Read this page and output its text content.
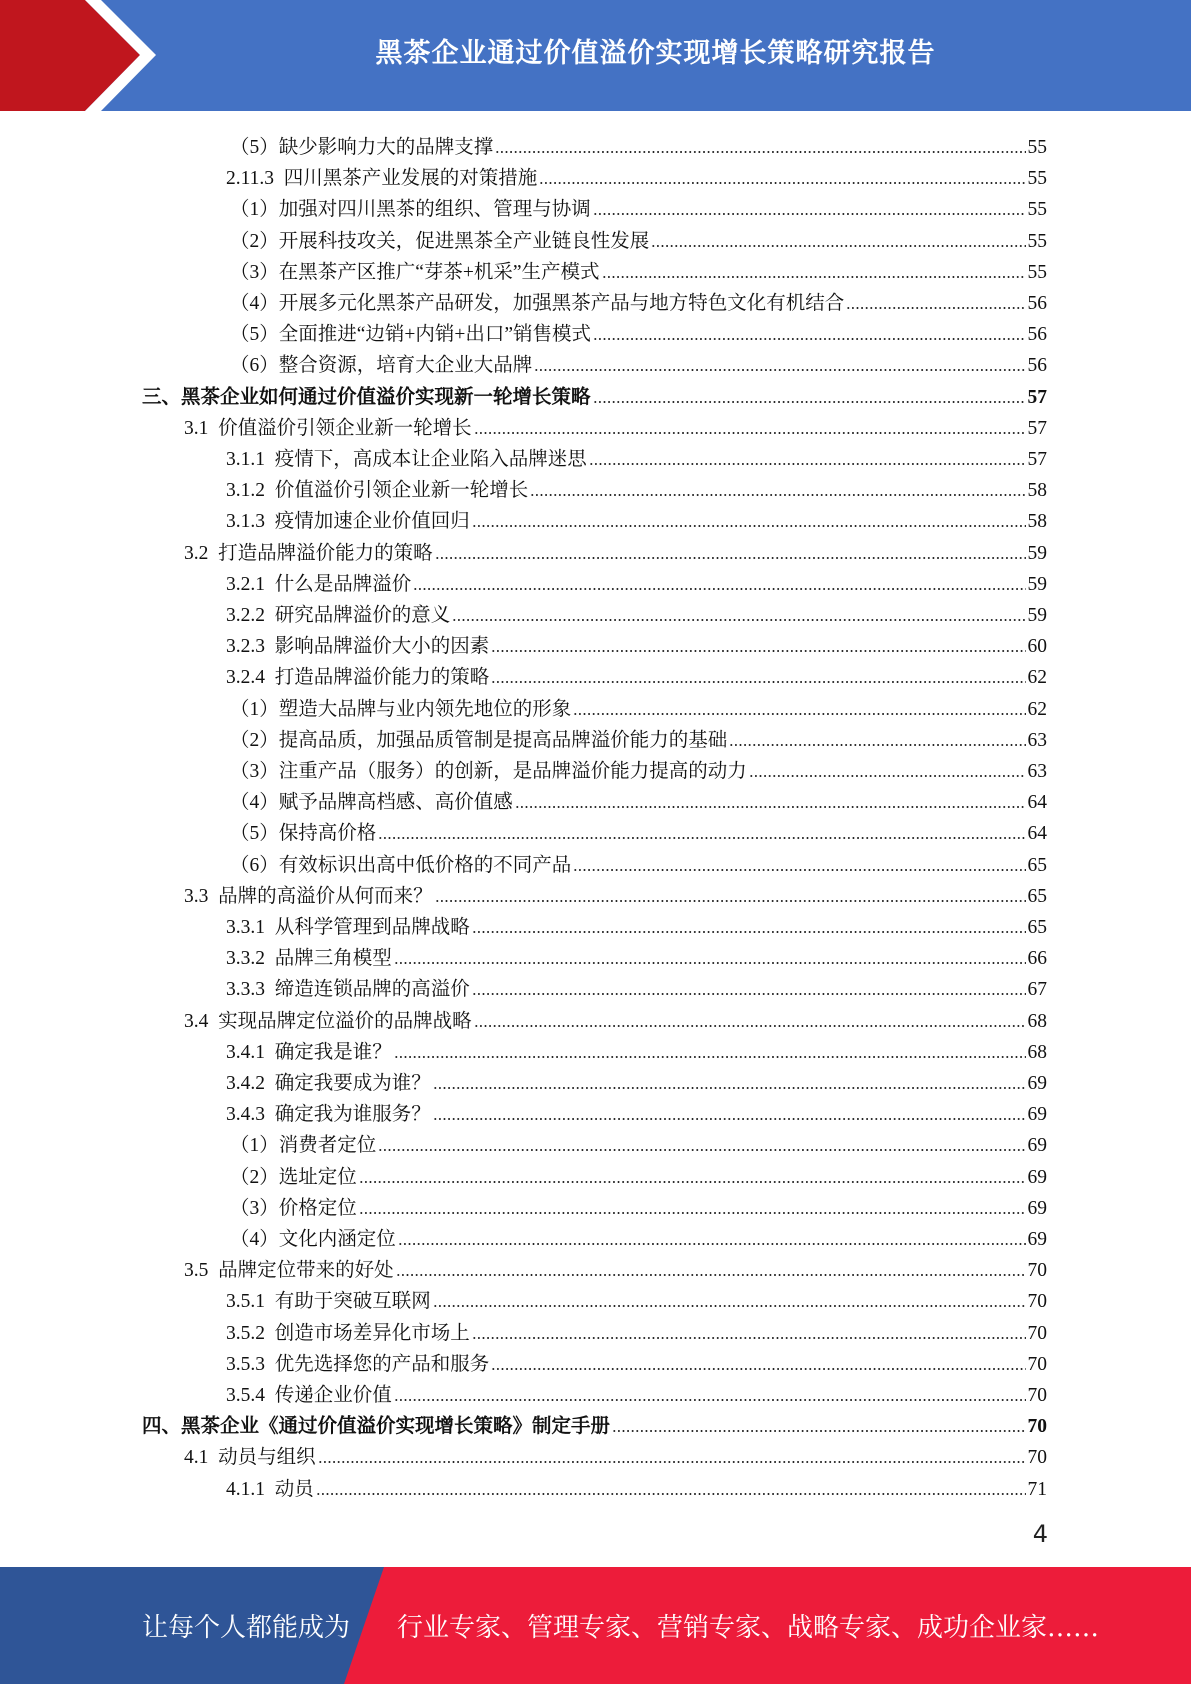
黑茶企业通过价值溢价实现增长策略研究报告
（5）缺少影响力大的品牌支撑	55
2.11.3  四川黑茶产业发展的对策措施	55
（1）加强对四川黑茶的组织、管理与协调	55
（2）开展科技攻关，促进黑茶全产业链良性发展	55
（3）在黑茶产区推广“芽茶+机采”生产模式	55
（4）开展多元化黑茶产品研发，加强黑茶产品与地方特色文化有机结合	56
（5）全面推进“边销+内销+出口”销售模式	56
（6）整合资源，培育大企业大品牌	56
三、黑茶企业如何通过价值溢价实现新一轮增长策略	57
3.1  价值溢价引领企业新一轮增长	57
3.1.1  疫情下，高成本让企业陷入品牌迷思	57
3.1.2  价值溢价引领企业新一轮增长	58
3.1.3  疫情加速企业价值回归	58
3.2  打造品牌溢价能力的策略	59
3.2.1  什么是品牌溢价	59
3.2.2  研究品牌溢价的意义	59
3.2.3  影响品牌溢价大小的因素	60
3.2.4  打造品牌溢价能力的策略	62
（1）塑造大品牌与业内领先地位的形象	62
（2）提高品质，加强品质管制是提高品牌溢价能力的基础	63
（3）注重产品（服务）的创新，是品牌溢价能力提高的动力	63
（4）赋予品牌高档感、高价值感	64
（5）保持高价格	64
（6）有效标识出高中低价格的不同产品	65
3.3  品牌的高溢价从何而来？	65
3.3.1  从科学管理到品牌战略	65
3.3.2  品牌三角模型	66
3.3.3  缔造连锁品牌的高溢价	67
3.4  实现品牌定位溢价的品牌战略	68
3.4.1  确定我是谁？	68
3.4.2  确定我要成为谁？	69
3.4.3  确定我为谁服务？	69
（1）消费者定位	69
（2）选址定位	69
（3）价格定位	69
（4）文化内涵定位	69
3.5  品牌定位带来的好处	70
3.5.1  有助于突破互联网	70
3.5.2  创造市场差异化市场上	70
3.5.3  优先选择您的产品和服务	70
3.5.4  传递企业价值	70
四、黑茶企业《通过价值溢价实现增长策略》制定手册	70
4.1  动员与组织	70
4.1.1  动员	71
4
让每个人都能成为 行业专家、管理专家、营销专家、战略专家、成功企业家……
